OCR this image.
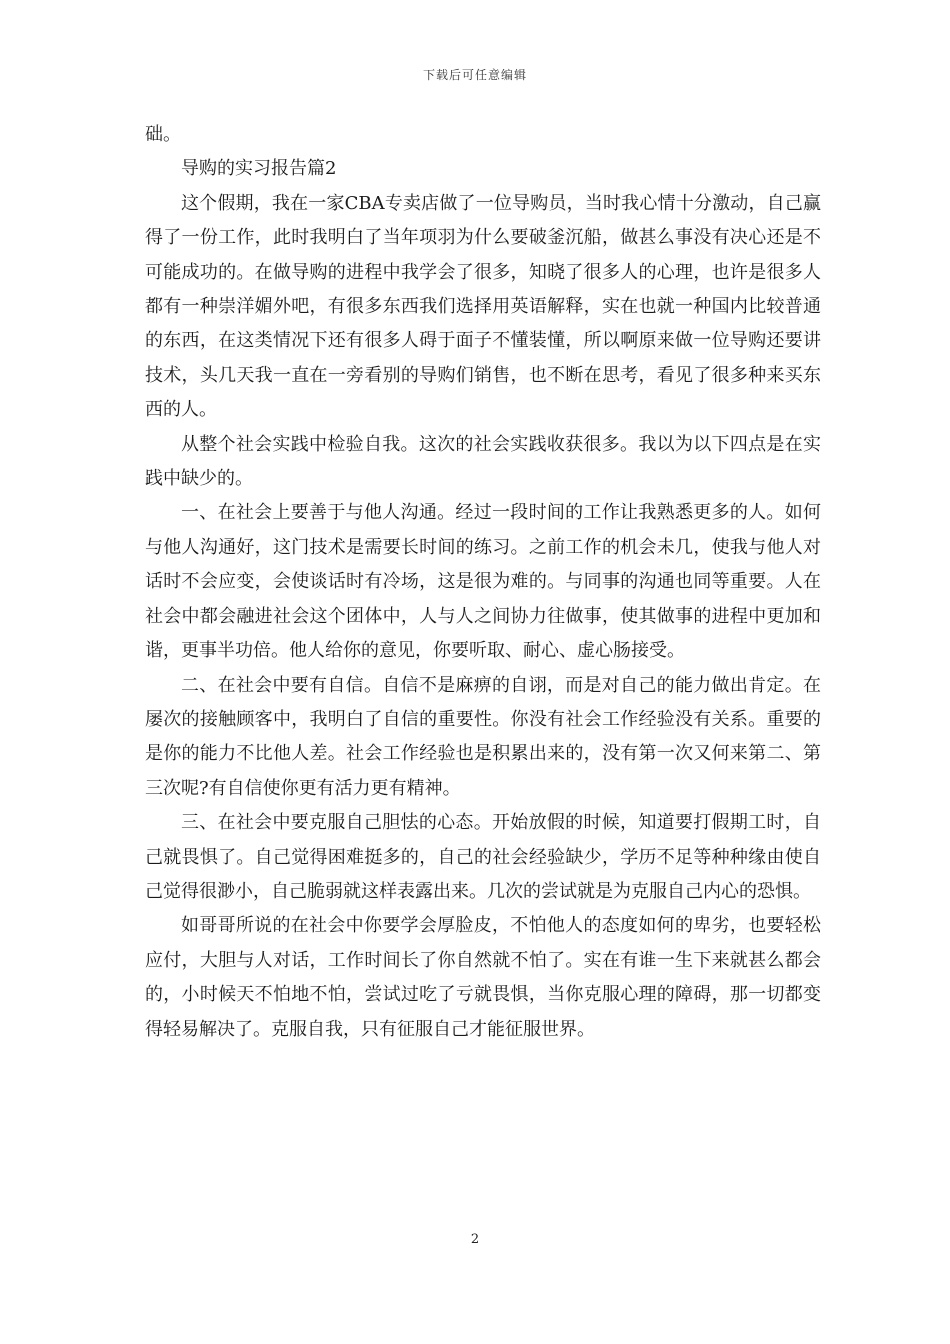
下载后可任意编辑

础。

导购的实习报告篇2

这个假期，我在一家CBA专卖店做了一位导购员，当时我心情十分激动，自己赢得了一份工作，此时我明白了当年项羽为什么要破釜沉船，做甚么事没有决心还是不可能成功的。在做导购的进程中我学会了很多，知晓了很多人的心理，也许是很多人都有一种崇洋媚外吧，有很多东西我们选择用英语解释，实在也就一种国内比较普通的东西，在这类情况下还有很多人碍于面子不懂装懂，所以啊原来做一位导购还要讲技术，头几天我一直在一旁看别的导购们销售，也不断在思考，看见了很多种来买东西的人。

从整个社会实践中检验自我。这次的社会实践收获很多。我以为以下四点是在实践中缺少的。

一、在社会上要善于与他人沟通。经过一段时间的工作让我熟悉更多的人。如何与他人沟通好，这门技术是需要长时间的练习。之前工作的机会未几，使我与他人对话时不会应变，会使谈话时有冷场，这是很为难的。与同事的沟通也同等重要。人在社会中都会融进社会这个团体中，人与人之间协力往做事，使其做事的进程中更加和谐，更事半功倍。他人给你的意见，你要听取、耐心、虚心肠接受。

二、在社会中要有自信。自信不是麻痹的自诩，而是对自己的能力做出肯定。在屡次的接触顾客中，我明白了自信的重要性。你没有社会工作经验没有关系。重要的是你的能力不比他人差。社会工作经验也是积累出来的，没有第一次又何来第二、第三次呢?有自信使你更有活力更有精神。

三、在社会中要克服自己胆怯的心态。开始放假的时候，知道要打假期工时，自己就畏惧了。自己觉得困难挺多的，自己的社会经验缺少，学历不足等种种缘由使自己觉得很渺小，自己脆弱就这样表露出来。几次的尝试就是为克服自己内心的恐惧。

如哥哥所说的在社会中你要学会厚脸皮，不怕他人的态度如何的卑劣，也要轻松应付，大胆与人对话，工作时间长了你自然就不怕了。实在有谁一生下来就甚么都会的，小时候天不怕地不怕，尝试过吃了亏就畏惧，当你克服心理的障碍，那一切都变得轻易解决了。克服自我，只有征服自己才能征服世界。

2
